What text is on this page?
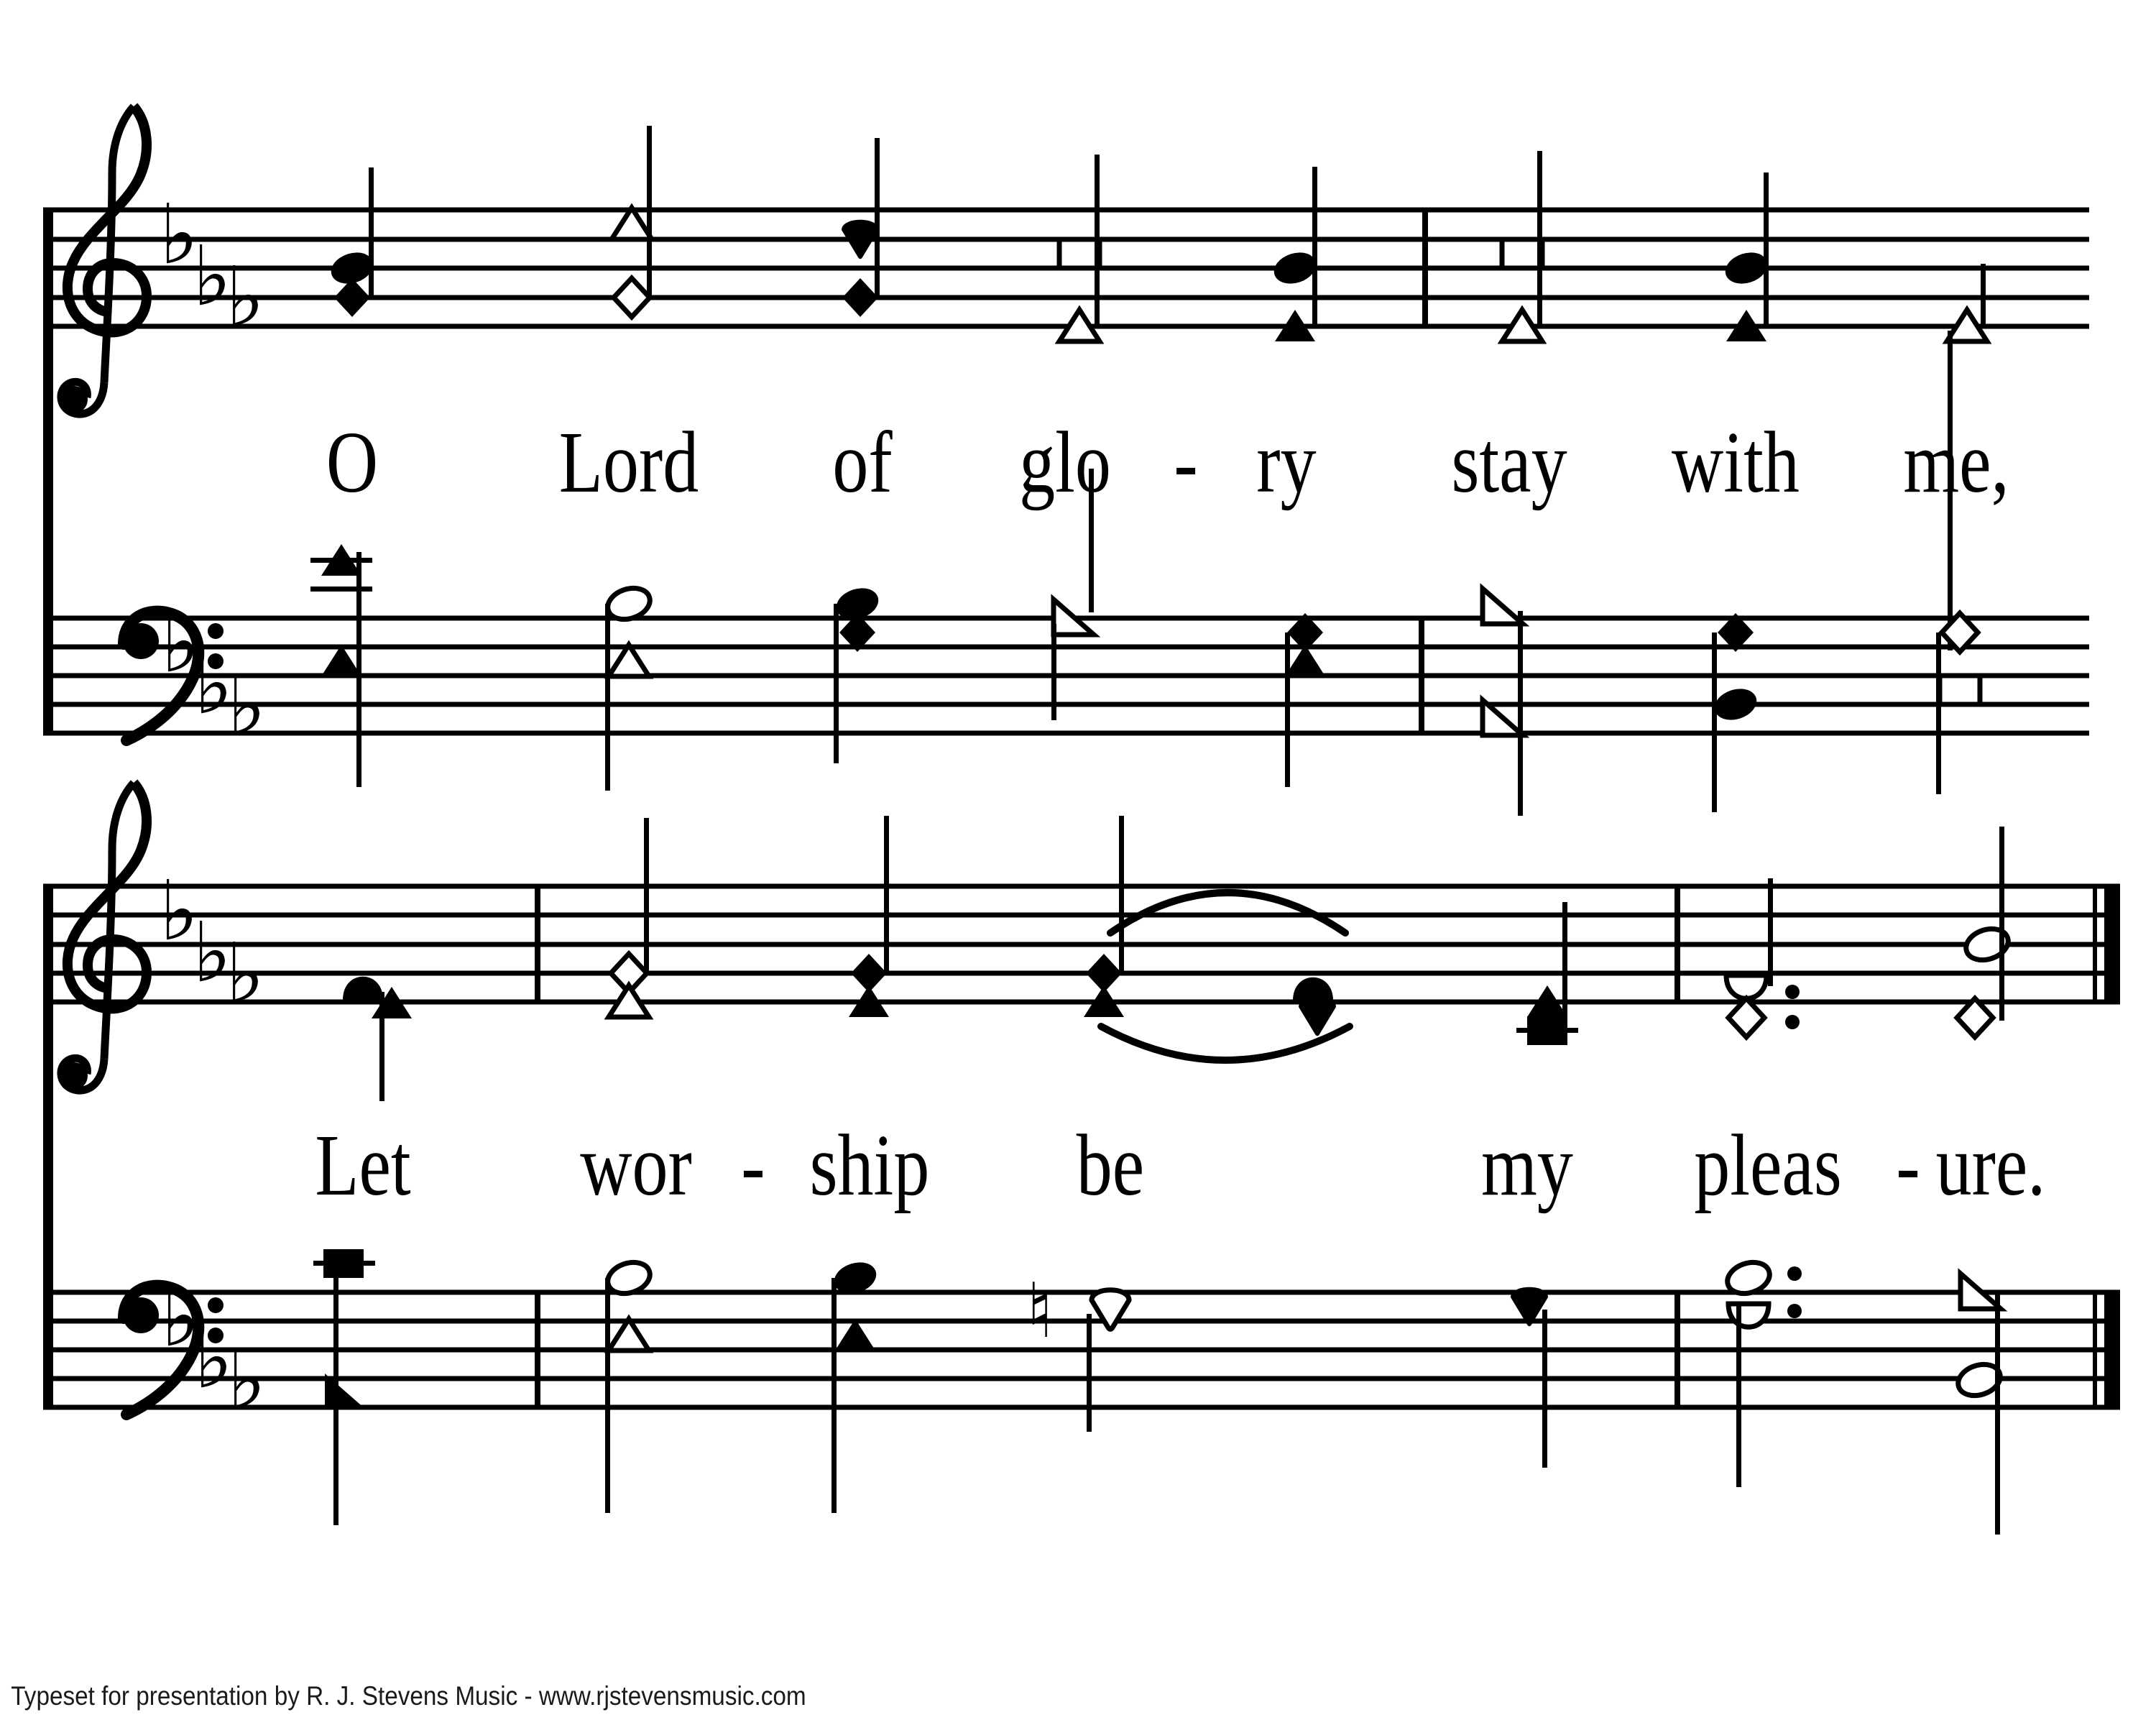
♭
♭
♭
♭
♭
♭
♭
♭
♭
♭
♭
♭
♮
O Lord of glo - ry stay with me,
Let wor - ship be	my pleas - ure.
Typeset for presentation by R. J. Stevens Music - www.rjstevensmusic.com
